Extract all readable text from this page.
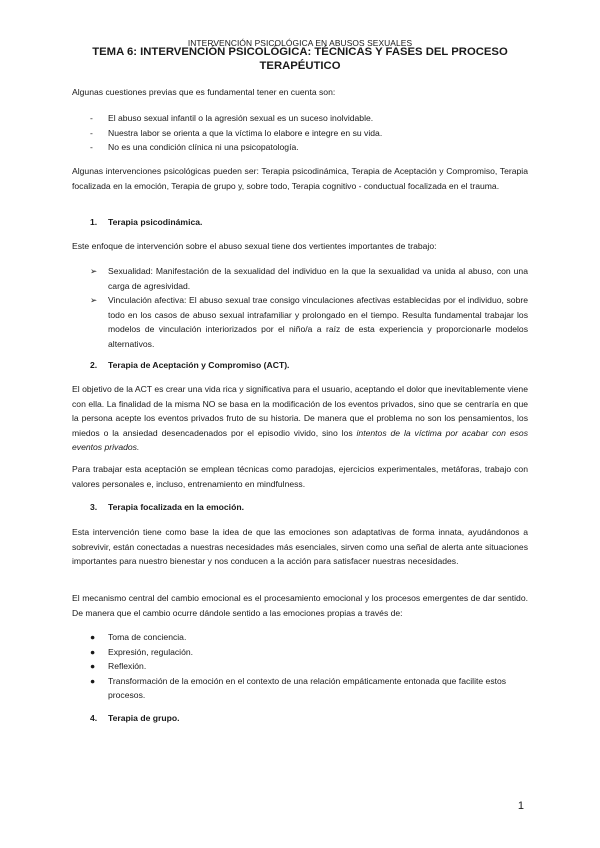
INTERVENCIÓN PSICOLÓGICA EN ABUSOS SEXUALES
TEMA 6: INTERVENCIÓN PSICOLÓGICA: TÉCNICAS Y FASES DEL PROCESO TERAPÉUTICO

Algunas cuestiones previas que es fundamental tener en cuenta son:

- El abuso sexual infantil o la agresión sexual es un suceso inolvidable.
- Nuestra labor se orienta a que la víctima lo elabore e integre en su vida.
- No es una condición clínica ni una psicopatología.

Algunas intervenciones psicológicas pueden ser: Terapia psicodinámica, Terapia de Aceptación y Compromiso, Terapia focalizada en la emoción, Terapia de grupo y, sobre todo, Terapia cognitivo - conductual focalizada en el trauma.

1. Terapia psicodinámica.

Este enfoque de intervención sobre el abuso sexual tiene dos vertientes importantes de trabajo:

➢ Sexualidad: Manifestación de la sexualidad del individuo en la que la sexualidad va unida al abuso, con una carga de agresividad.
➢ Vinculación afectiva: El abuso sexual trae consigo vinculaciones afectivas establecidas por el individuo, sobre todo en los casos de abuso sexual intrafamiliar y prolongado en el tiempo. Resulta fundamental trabajar los modelos de vinculación interiorizados por el niño/a a raíz de esta experiencia y proporcionarle modelos alternativos.
2. Terapia de Aceptación y Compromiso (ACT).

El objetivo de la ACT es crear una vida rica y significativa para el usuario, aceptando el dolor que inevitablemente viene con ella. La finalidad de la misma NO se basa en la modificación de los eventos privados, sino que se centraría en que la persona acepte los eventos privados fruto de su historia. De manera que el problema no son los pensamientos, los miedos o la ansiedad desencadenados por el episodio vivido, sino los intentos de la víctima por acabar con esos eventos privados.

Para trabajar esta aceptación se emplean técnicas como paradojas, ejercicios experimentales, metáforas, trabajo con valores personales e, incluso, entrenamiento en mindfulness.

3. Terapia focalizada en la emoción.

Esta intervención tiene como base la idea de que las emociones son adaptativas de forma innata, ayudándonos a sobrevivir, están conectadas a nuestras necesidades más esenciales, sirven como una señal de alerta ante situaciones importantes para nuestro bienestar y nos conducen a la acción para satisfacer nuestras necesidades.

El mecanismo central del cambio emocional es el procesamiento emocional y los procesos emergentes de dar sentido. De manera que el cambio ocurre dándole sentido a las emociones propias a través de:

● Toma de conciencia.
● Expresión, regulación.
● Reflexión.
● Transformación de la emoción en el contexto de una relación empáticamente entonada que facilite estos procesos.
4. Terapia de grupo.
1
